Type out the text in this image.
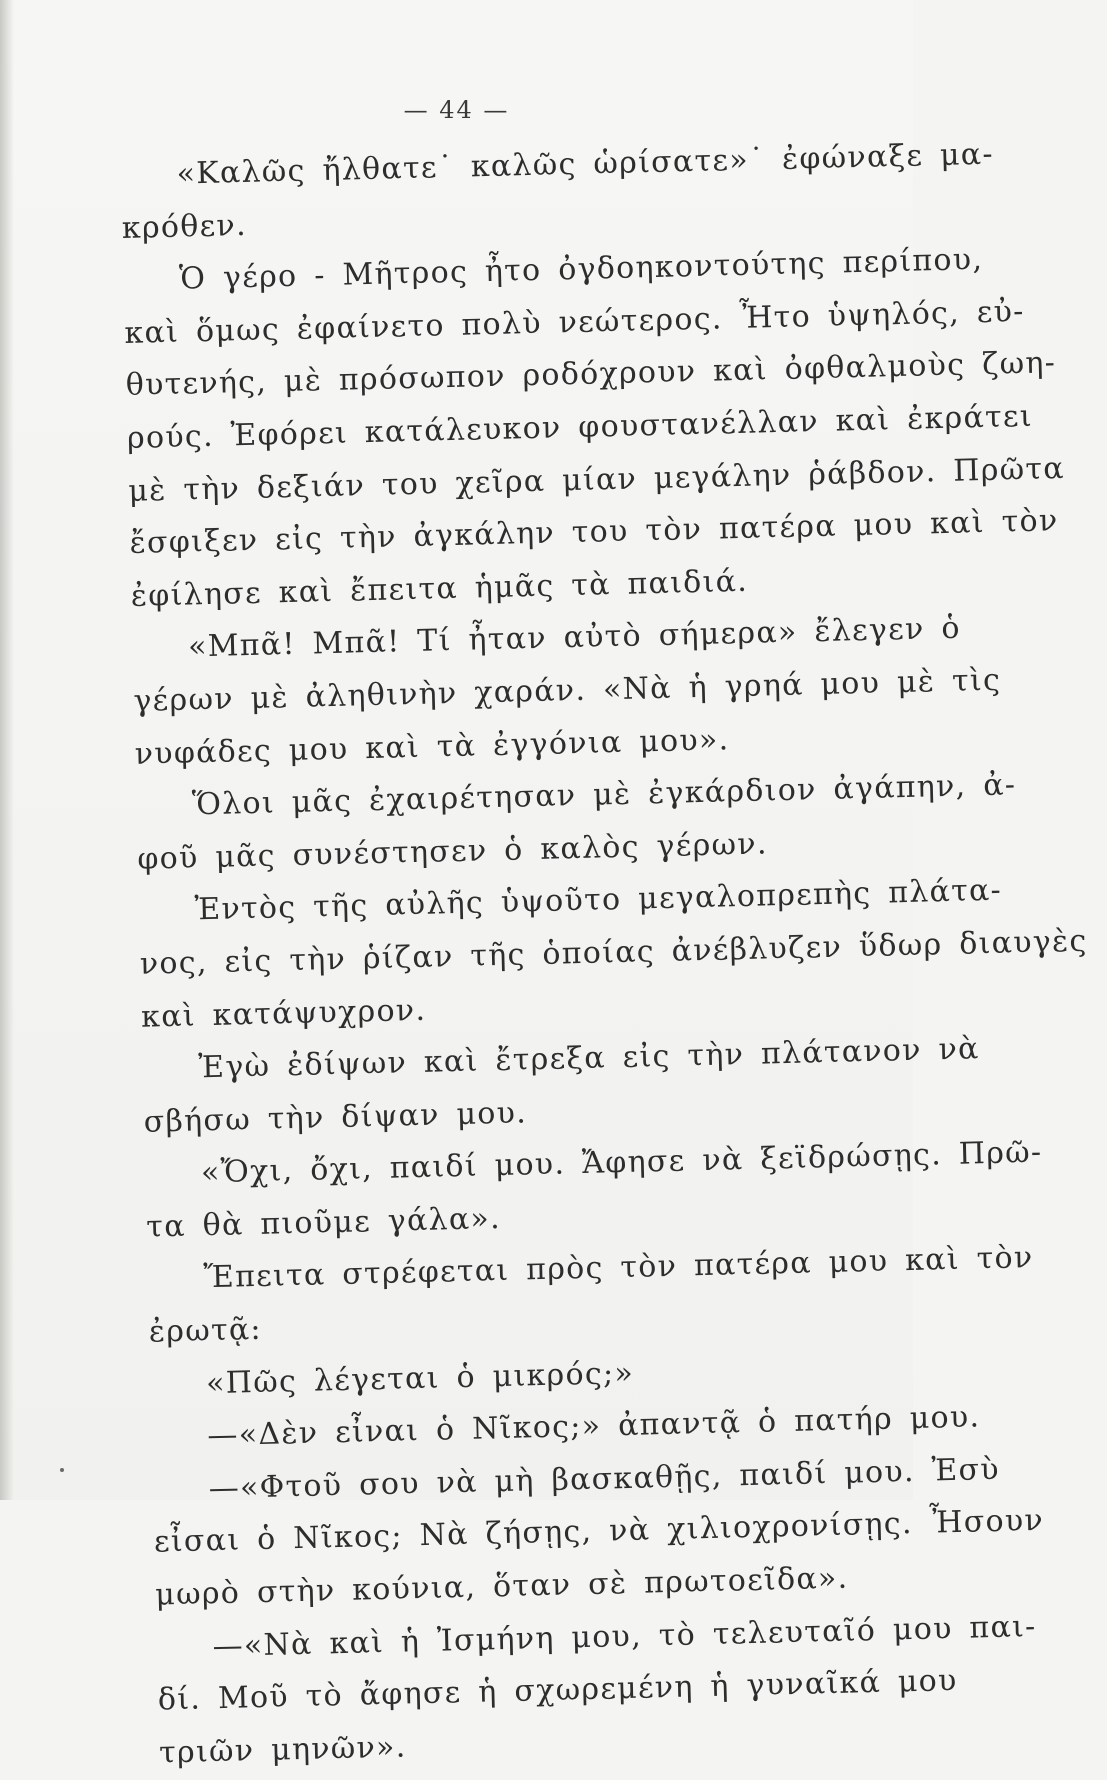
— 44 —
«Καλῶς ἤλθατε˙ καλῶς ὡρίσατε»˙ ἐφώναξε μα-
κρόθεν.
Ὁ γέρο - Μῆτρος ἦτο ὀγδοηκοντούτης περίπου,
καὶ ὅμως ἐφαίνετο πολὺ νεώτερος. Ἦτο ὑψηλός, εὐ-
θυτενής, μὲ πρόσωπον ροδόχρουν καὶ ὀφθαλμοὺς ζωη-
ρούς. Ἐφόρει κατάλευκον φουστανέλλαν καὶ ἐκράτει
μὲ τὴν δεξιάν του χεῖρα μίαν μεγάλην ῥάβδον. Πρῶτα
ἔσφιξεν εἰς τὴν ἀγκάλην του τὸν πατέρα μου καὶ τὸν
ἐφίλησε καὶ ἔπειτα ἡμᾶς τὰ παιδιά.
«Μπᾶ! Μπᾶ! Τί ἦταν αὐτὸ σήμερα» ἔλεγεν ὁ
γέρων μὲ ἀληθινὴν χαράν. «Νὰ ἡ γρηά μου μὲ τὶς
νυφάδες μου καὶ τὰ ἐγγόνια μου».
Ὅλοι μᾶς ἐχαιρέτησαν μὲ ἐγκάρδιον ἀγάπην, ἀ-
φοῦ μᾶς συνέστησεν ὁ καλὸς γέρων.
Ἐντὸς τῆς αὐλῆς ὑψοῦτο μεγαλοπρεπὴς πλάτα-
νος, εἰς τὴν ῥίζαν τῆς ὁποίας ἀνέβλυζεν ὕδωρ διαυγὲς
καὶ κατάψυχρον.
Ἐγὼ ἐδίψων καὶ ἔτρεξα εἰς τὴν πλάτανον νὰ
σβήσω τὴν δίψαν μου.
«Ὄχι, ὄχι, παιδί μου. Ἄφησε νὰ ξεϊδρώσῃς. Πρῶ-
τα θὰ πιοῦμε γάλα».
Ἔπειτα στρέφεται πρὸς τὸν πατέρα μου καὶ τὸν
ἐρωτᾷ:
«Πῶς λέγεται ὁ μικρός;»
—«Δὲν εἶναι ὁ Νῖκος;» ἀπαντᾷ ὁ πατήρ μου.
—«Φτοῦ σου νὰ μὴ βασκαθῇς, παιδί μου. Ἐσὺ
εἶσαι ὁ Νῖκος; Νὰ ζήσῃς, νὰ χιλιοχρονίσῃς. Ἦσουν
μωρὸ στὴν κούνια, ὅταν σὲ πρωτοεῖδα».
—«Νὰ καὶ ἡ Ἰσμήνη μου, τὸ τελευταῖό μου παι-
δί. Μοῦ τὸ ἄφησε ἡ σχωρεμένη ἡ γυναῖκά μου
τριῶν μηνῶν».
